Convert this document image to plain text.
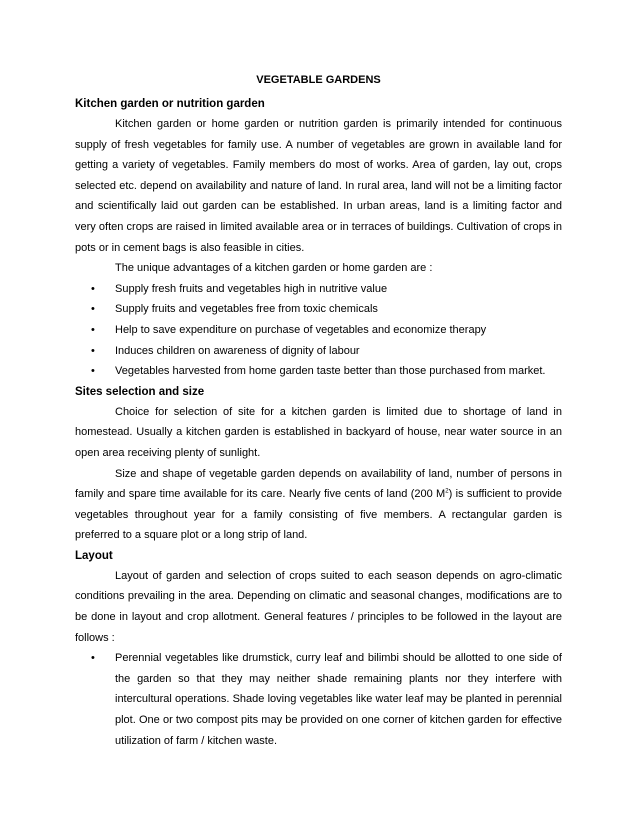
VEGETABLE GARDENS
Kitchen garden or nutrition garden

Kitchen garden or home garden or nutrition garden is primarily intended for continuous supply of fresh vegetables for family use. A number of vegetables are grown in available land for getting a variety of vegetables. Family members do most of works. Area of garden, lay out, crops selected etc. depend on availability and nature of land. In rural area, land will not be a limiting factor and scientifically laid out garden can be established. In urban areas, land is a limiting factor and very often crops are raised in limited available area or in terraces of buildings. Cultivation of crops in pots or in cement bags is also feasible in cities.

The unique advantages of a kitchen garden or home garden are :

• Supply fresh fruits and vegetables high in nutritive value
• Supply fruits and vegetables free from toxic chemicals
• Help to save expenditure on purchase of vegetables and economize therapy
• Induces children on awareness of dignity of labour
• Vegetables harvested from home garden taste better than those purchased from market.
Sites selection and size

Choice for selection of site for a kitchen garden is limited due to shortage of land in homestead. Usually a kitchen garden is established in backyard of house, near water source in an open area receiving plenty of sunlight.

Size and shape of vegetable garden depends on availability of land, number of persons in family and spare time available for its care. Nearly five cents of land (200 $M^2$) is sufficient to provide vegetables throughout year for a family consisting of five members. A rectangular garden is preferred to a square plot or a long strip of land.

Layout

Layout of garden and selection of crops suited to each season depends on agro-climatic conditions prevailing in the area. Depending on climatic and seasonal changes, modifications are to be done in layout and crop allotment. General features / principles to be followed in the layout are follows :

• Perennial vegetables like drumstick, curry leaf and bilimbi should be allotted to one side of the garden so that they may neither shade remaining plants nor they interfere with intercultural operations. Shade loving vegetables like water leaf may be planted in perennial plot. One or two compost pits may be provided on one corner of kitchen garden for effective utilization of farm / kitchen waste.
